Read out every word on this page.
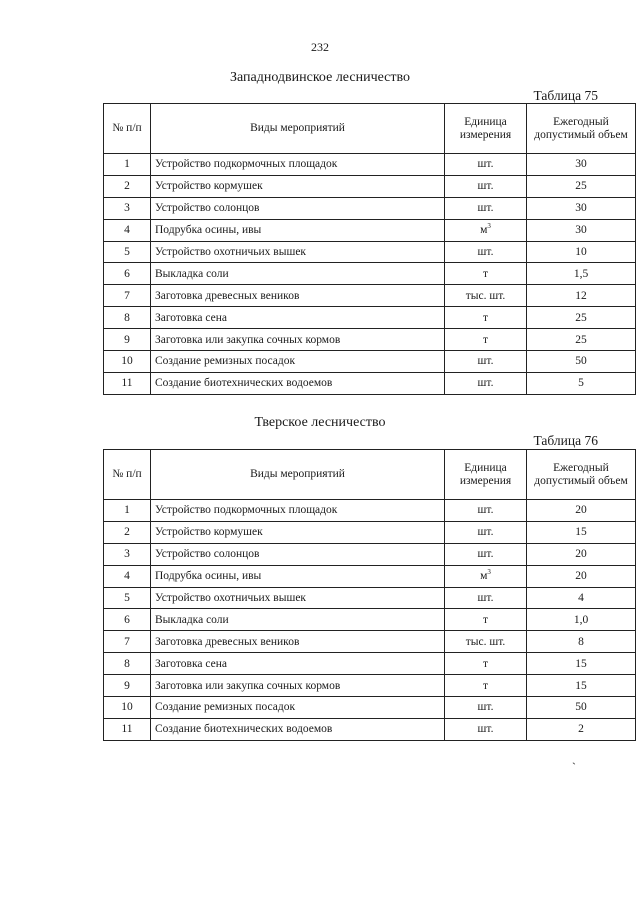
232
Западнодвинское лесничество
Таблица 75
№ п/п	Виды мероприятий	Единица измерения	Ежегодный допустимый объем
1	Устройство подкормочных площадок	шт.	30
2	Устройство кормушек	шт.	25
3	Устройство солонцов	шт.	30
4	Подрубка осины, ивы	$м^3$	30
5	Устройство охотничьих вышек	шт.	10
6	Выкладка соли	т	1,5
7	Заготовка древесных веников	тыс. шт.	12
8	Заготовка сена	т	25
9	Заготовка или закупка сочных кормов	т	25
10	Создание ремизных посадок	шт.	50
11	Создание биотехнических водоемов	шт.	5
Тверское лесничество
Таблица 76
№ п/п	Виды мероприятий	Единица измерения	Ежегодный допустимый объем
1	Устройство подкормочных площадок	шт.	20
2	Устройство кормушек	шт.	15
3	Устройство солонцов	шт.	20
4	Подрубка осины, ивы	$м^3$	20
5	Устройство охотничьих вышек	шт.	4
6	Выкладка соли	т	1,0
7	Заготовка древесных веников	тыс. шт.	8
8	Заготовка сена	т	15
9	Заготовка или закупка сочных кормов	т	15
10	Создание ремизных посадок	шт.	50
11	Создание биотехнических водоемов	шт.	2
`
